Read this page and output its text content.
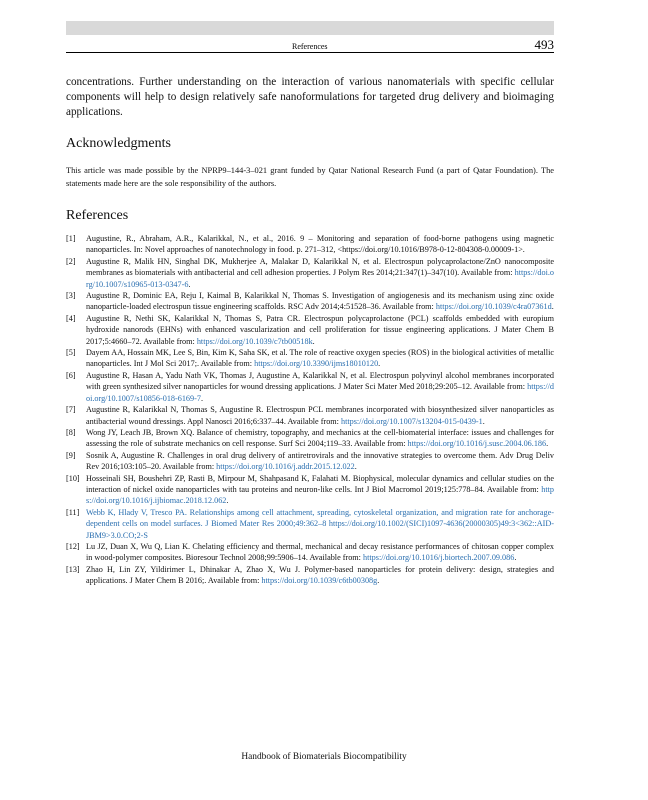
References	493

concentrations. Further understanding on the interaction of various nanomaterials with specific cellular components will help to design relatively safe nanoformulations for targeted drug delivery and bioimaging applications.

Acknowledgments

This article was made possible by the NPRP9–144-3–021 grant funded by Qatar National Research Fund (a part of Qatar Foundation). The statements made here are the sole responsibility of the authors.

References
[1] Augustine, R., Abraham, A.R., Kalarikkal, N., et al., 2016. 9 – Monitoring and separation of food-borne pathogens using magnetic nanoparticles. In: Novel approaches of nanotechnology in food. p. 271–312, <https://doi.org/10.1016/B978-0-12-804308-0.00009-1>.
[2] Augustine R, Malik HN, Singhal DK, Mukherjee A, Malakar D, Kalarikkal N, et al. Electrospun polycaprolactone/ZnO nanocomposite membranes as biomaterials with antibacterial and cell adhesion properties. J Polym Res 2014;21:347(1)–347(10). Available from: https://doi.org/10.1007/s10965-013-0347-6.
[3] Augustine R, Dominic EA, Reju I, Kaimal B, Kalarikkal N, Thomas S. Investigation of angiogenesis and its mechanism using zinc oxide nanoparticle-loaded electrospun tissue engineering scaffolds. RSC Adv 2014;4:51528–36. Available from: https://doi.org/10.1039/c4ra07361d.
[4] Augustine R, Nethi SK, Kalarikkal N, Thomas S, Patra CR. Electrospun polycaprolactone (PCL) scaffolds embedded with europium hydroxide nanorods (EHNs) with enhanced vascularization and cell proliferation for tissue engineering applications. J Mater Chem B 2017;5:4660–72. Available from: https://doi.org/10.1039/c7tb00518k.
[5] Dayem AA, Hossain MK, Lee S, Bin, Kim K, Saha SK, et al. The role of reactive oxygen species (ROS) in the biological activities of metallic nanoparticles. Int J Mol Sci 2017;. Available from: https://doi.org/10.3390/ijms18010120.
[6] Augustine R, Hasan A, Yadu Nath VK, Thomas J, Augustine A, Kalarikkal N, et al. Electrospun polyvinyl alcohol membranes incorporated with green synthesized silver nanoparticles for wound dressing applications. J Mater Sci Mater Med 2018;29:205–12. Available from: https://doi.org/10.1007/s10856-018-6169-7.
[7] Augustine R, Kalarikkal N, Thomas S, Augustine R. Electrospun PCL membranes incorporated with biosynthesized silver nanoparticles as antibacterial wound dressings. Appl Nanosci 2016;6:337–44. Available from: https://doi.org/10.1007/s13204-015-0439-1.
[8] Wong JY, Leach JB, Brown XQ. Balance of chemistry, topography, and mechanics at the cell-biomaterial interface: issues and challenges for assessing the role of substrate mechanics on cell response. Surf Sci 2004;119–33. Available from: https://doi.org/10.1016/j.susc.2004.06.186.
[9] Sosnik A, Augustine R. Challenges in oral drug delivery of antiretrovirals and the innovative strategies to overcome them. Adv Drug Deliv Rev 2016;103:105–20. Available from: https://doi.org/10.1016/j.addr.2015.12.022.
[10] Hosseinali SH, Boushehri ZP, Rasti B, Mirpour M, Shahpasand K, Falahati M. Biophysical, molecular dynamics and cellular studies on the interaction of nickel oxide nanoparticles with tau proteins and neuron-like cells. Int J Biol Macromol 2019;125:778–84. Available from: https://doi.org/10.1016/j.ijbiomac.2018.12.062.
[11] Webb K, Hlady V, Tresco PA. Relationships among cell attachment, spreading, cytoskeletal organization, and migration rate for anchorage-dependent cells on model surfaces. J Biomed Mater Res 2000;49:362–8 https://doi.org/10.1002/(SICI)1097-4636(20000305)49:3<362::AID-JBM9>3.0.CO;2-S
[12] Lu JZ, Duan X, Wu Q, Lian K. Chelating efficiency and thermal, mechanical and decay resistance performances of chitosan copper complex in wood-polymer composites. Bioresour Technol 2008;99:5906–14. Available from: https://doi.org/10.1016/j.biortech.2007.09.086.
[13] Zhao H, Lin ZY, Yildirimer L, Dhinakar A, Zhao X, Wu J. Polymer-based nanoparticles for protein delivery: design, strategies and applications. J Mater Chem B 2016;. Available from: https://doi.org/10.1039/c6tb00308g.
Handbook of Biomaterials Biocompatibility
